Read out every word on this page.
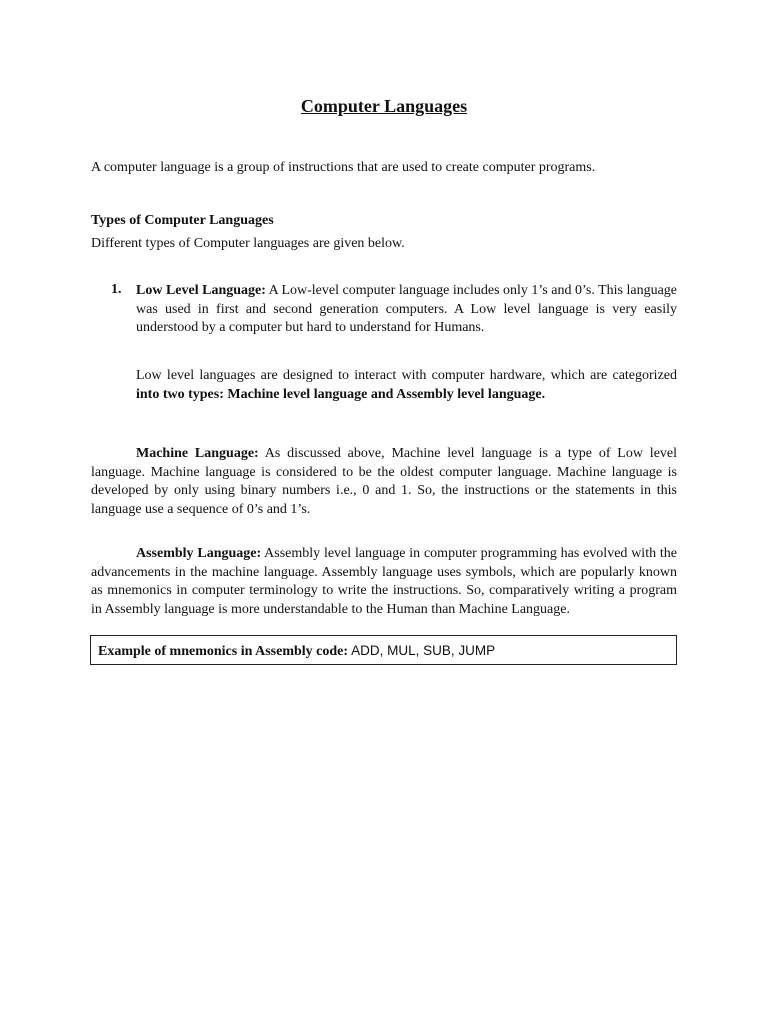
Computer Languages

A computer language is a group of instructions that are used to create computer programs.

Types of Computer Languages

Different types of Computer languages are given below.

1. Low Level Language: A Low-level computer language includes only 1’s and 0’s. This language was used in first and second generation computers. A Low level language is very easily understood by a computer but hard to understand for Humans.

Low level languages are designed to interact with computer hardware, which are categorized into two types: Machine level language and Assembly level language.

Machine Language: As discussed above, Machine level language is a type of Low level language. Machine language is considered to be the oldest computer language. Machine language is developed by only using binary numbers i.e., 0 and 1. So, the instructions or the statements in this language use a sequence of 0’s and 1’s.

Assembly Language: Assembly level language in computer programming has evolved with the advancements in the machine language. Assembly language uses symbols, which are popularly known as mnemonics in computer terminology to write the instructions. So, comparatively writing a program in Assembly language is more understandable to the Human than Machine Language.

Example of mnemonics in Assembly code: ADD, MUL, SUB, JUMP
